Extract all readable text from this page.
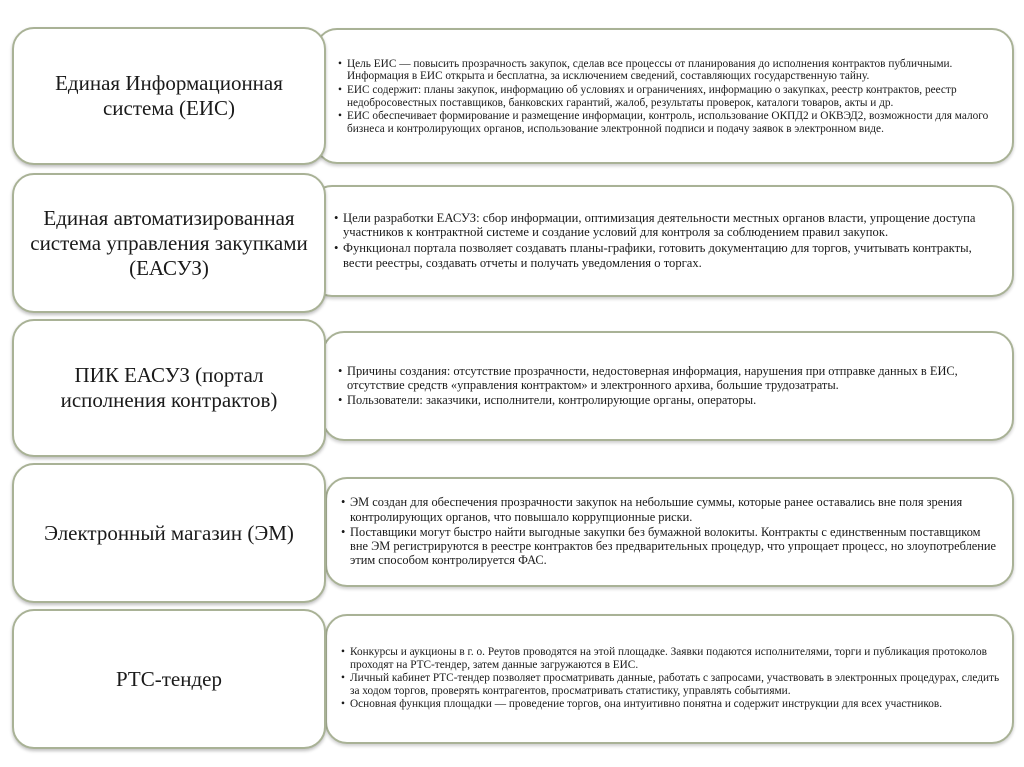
Единая Информационная система (ЕИС)
• Цель ЕИС — повысить прозрачность закупок, сделав все процессы от планирования до исполнения контрактов публичными. Информация в ЕИС открыта и бесплатна, за исключением сведений, составляющих государственную тайну.
• ЕИС содержит: планы закупок, информацию об условиях и ограничениях, информацию о закупках, реестр контрактов, реестр недобросовестных поставщиков, банковских гарантий, жалоб, результаты проверок, каталоги товаров, акты и др.
• ЕИС обеспечивает формирование и размещение информации, контроль, использование ОКПД2 и ОКВЭД2, возможности для малого бизнеса и контролирующих органов, использование электронной подписи и подачу заявок в электронном виде.
Единая автоматизированная система управления закупками (ЕАСУЗ)
• Цели разработки ЕАСУЗ: сбор информации, оптимизация деятельности местных органов власти, упрощение доступа участников к контрактной системе и создание условий для контроля за соблюдением правил закупок.
• Функционал портала позволяет создавать планы-графики, готовить документацию для торгов, учитывать контракты, вести реестры, создавать отчеты и получать уведомления о торгах.
ПИК ЕАСУЗ (портал исполнения контрактов)
• Причины создания: отсутствие прозрачности, недостоверная информация, нарушения при отправке данных в ЕИС, отсутствие средств «управления контрактом» и электронного архива, большие трудозатраты.
• Пользователи: заказчики, исполнители, контролирующие органы, операторы.
Электронный магазин (ЭМ)
• ЭМ создан для обеспечения прозрачности закупок на небольшие суммы, которые ранее оставались вне поля зрения контролирующих органов, что повышало коррупционные риски.
• Поставщики могут быстро найти выгодные закупки без бумажной волокиты. Контракты с единственным поставщиком вне ЭМ регистрируются в реестре контрактов без предварительных процедур, что упрощает процесс, но злоупотребление этим способом контролируется ФАС.
РТС-тендер
• Конкурсы и аукционы в г. о. Реутов проводятся на этой площадке. Заявки подаются исполнителями, торги и публикация протоколов проходят на РТС-тендер, затем данные загружаются в ЕИС.
• Личный кабинет РТС-тендер позволяет просматривать данные, работать с запросами, участвовать в электронных процедурах, следить за ходом торгов, проверять контрагентов, просматривать статистику, управлять событиями.
• Основная функция площадки — проведение торгов, она интуитивно понятна и содержит инструкции для всех участников.
